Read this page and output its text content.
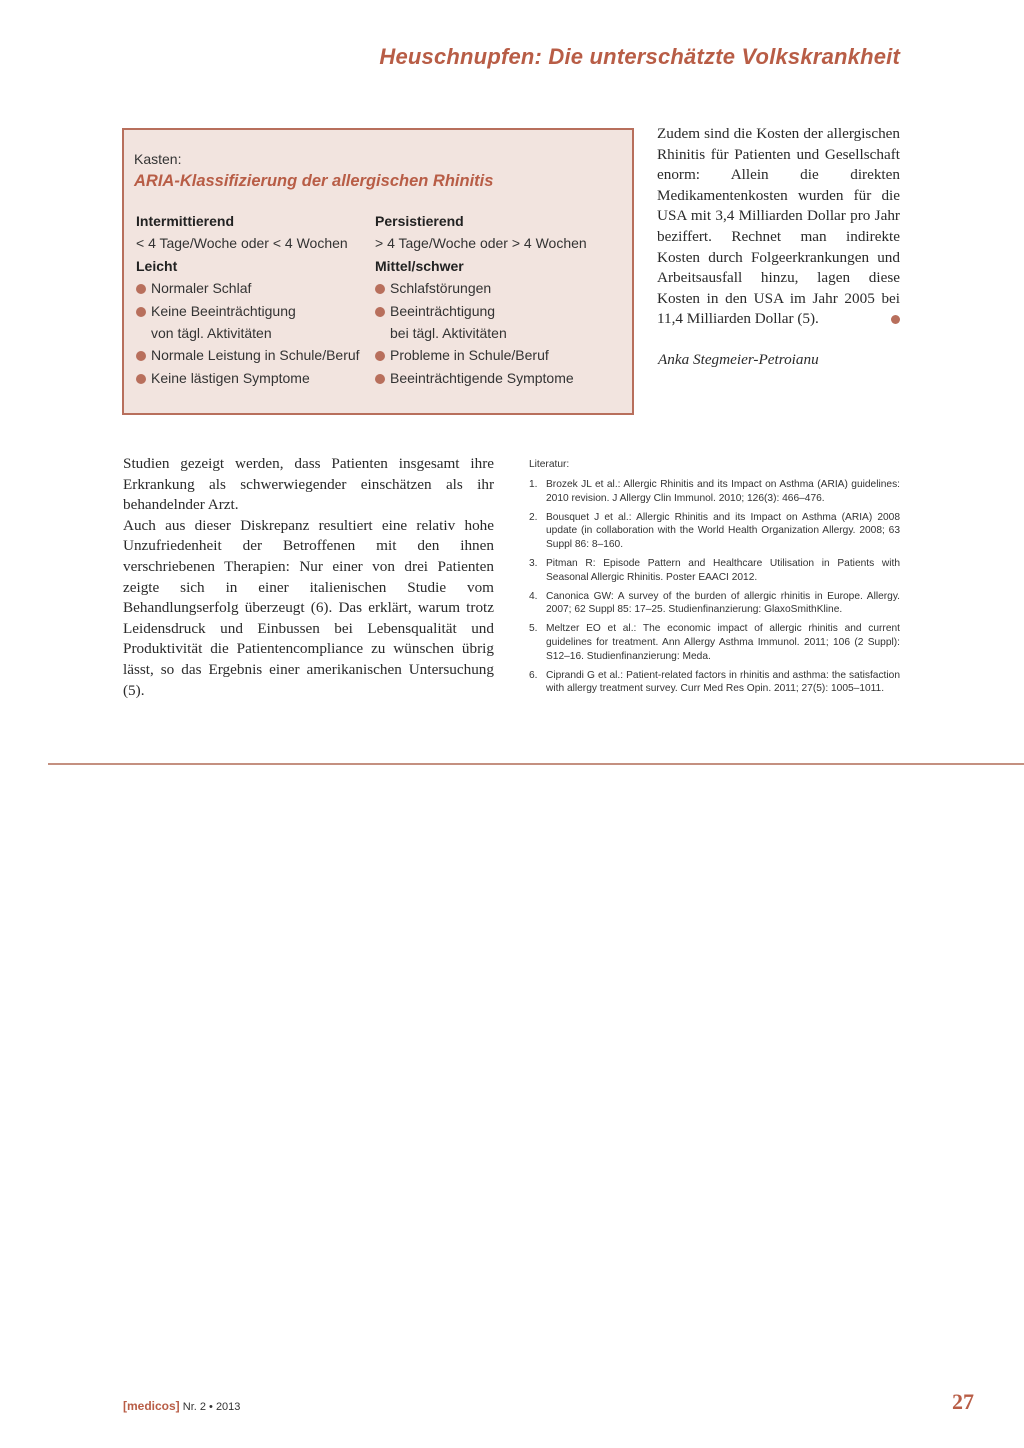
Heuschnupfen: Die unterschätzte Volkskrankheit
Kasten:
ARIA-Klassifizierung der allergischen Rhinitis
Intermittierend
< 4 Tage/Woche oder < 4 Wochen
Leicht
Normaler Schlaf
Keine Beeinträchtigung
von tägl. Aktivitäten
Normale Leistung in Schule/Beruf
Keine lästigen Symptome
Persistierend
> 4 Tage/Woche oder > 4 Wochen
Mittel/schwer
Schlafstörungen
Beeinträchtigung
bei tägl. Aktivitäten
Probleme in Schule/Beruf
Beeinträchtigende Symptome
Zudem sind die Kosten der allergischen Rhinitis für Patienten und Gesellschaft enorm: Allein die direkten Medikamentenkosten wurden für die USA mit 3,4 Milliarden Dollar pro Jahr beziffert. Rechnet man indirekte Kosten durch Folgeerkrankungen und Arbeitsausfall hinzu, lagen diese Kosten in den USA im Jahr 2005 bei 11,4 Milliarden Dollar (5).
Anka Stegmeier-Petroianu

Studien gezeigt werden, dass Patienten insgesamt ihre Erkrankung als schwerwiegender einschätzen als ihr behandelnder Arzt.

Auch aus dieser Diskrepanz resultiert eine relativ hohe Unzufriedenheit der Betroffenen mit den ihnen verschriebenen Therapien: Nur einer von drei Patienten zeigte sich in einer italienischen Studie vom Behandlungserfolg überzeugt (6). Das erklärt, warum trotz Leidensdruck und Einbussen bei Lebensqualität und Produktivität die Patientencompliance zu wünschen übrig lässt, so das Ergebnis einer amerikanischen Untersuchung (5).

Literatur:
1. Brozek JL et al.: Allergic Rhinitis and its Impact on Asthma (ARIA) guidelines: 2010 revision. J Allergy Clin Immunol. 2010; 126(3): 466–476.
2. Bousquet J et al.: Allergic Rhinitis and its Impact on Asthma (ARIA) 2008 update (in collaboration with the World Health Organization Allergy. 2008; 63 Suppl 86: 8–160.
3. Pitman R: Episode Pattern and Healthcare Utilisation in Patients with Seasonal Allergic Rhinitis. Poster EAACI 2012.
4. Canonica GW: A survey of the burden of allergic rhinitis in Europe. Allergy. 2007; 62 Suppl 85: 17–25. Studienfinanzierung: GlaxoSmithKline.
5. Meltzer EO et al.: The economic impact of allergic rhinitis and current guidelines for treatment. Ann Allergy Asthma Immunol. 2011; 106 (2 Suppl): S12–16. Studienfinanzierung: Meda.
6. Ciprandi G et al.: Patient-related factors in rhinitis and asthma: the satisfaction with allergy treatment survey. Curr Med Res Opin. 2011; 27(5): 1005–1011.
[medicos] Nr. 2 • 2013	27
